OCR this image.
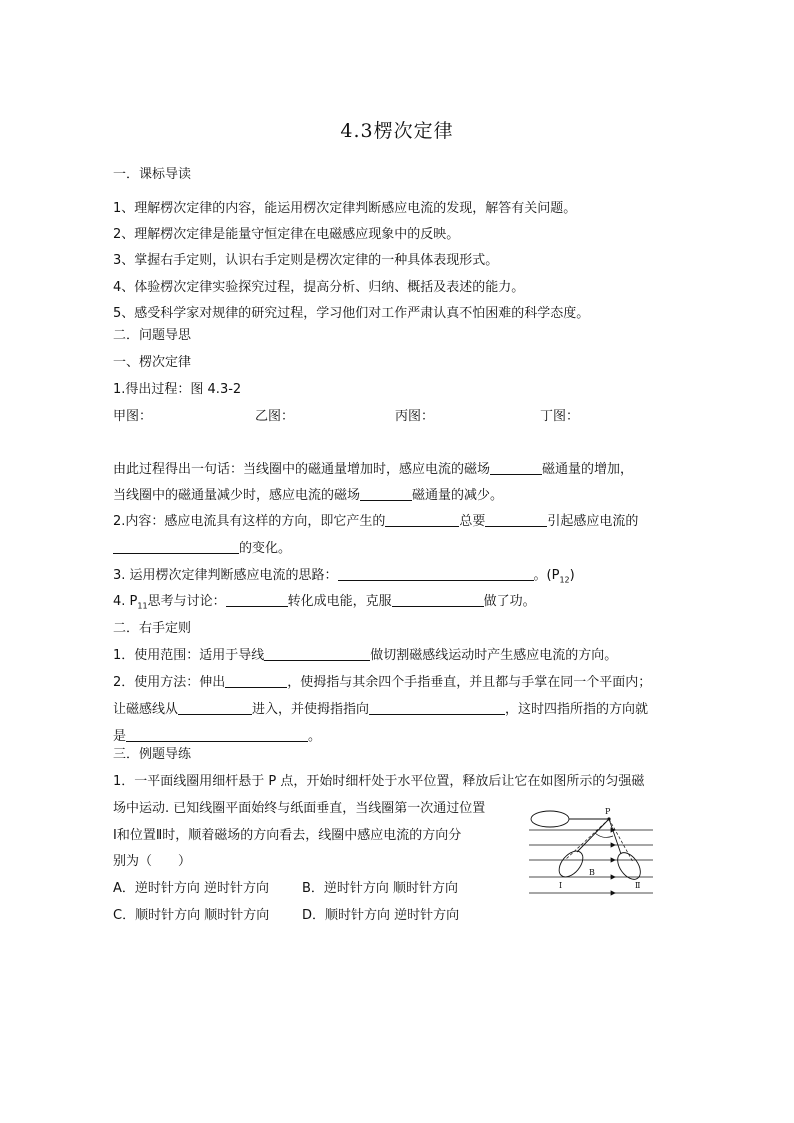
4.3楞次定律
一．课标导读
1、理解楞次定律的内容，能运用楞次定律判断感应电流的发现，解答有关问题。
2、理解楞次定律是能量守恒定律在电磁感应现象中的反映。
3、掌握右手定则，认识右手定则是楞次定律的一种具体表现形式。
4、体验楞次定律实验探究过程，提高分析、归纳、概括及表述的能力。
5、感受科学家对规律的研究过程，学习他们对工作严肃认真不怕困难的科学态度。
二．问题导思
一、楞次定律
1.得出过程：图 4.3-2
甲图：	乙图：	丙图：	丁图：
由此过程得出一句话：当线圈中的磁通量增加时，感应电流的磁场	磁通量的增加，
当线圈中的磁通量减少时，感应电流的磁场	磁通量的减少。
2.内容：感应电流具有这样的方向，即它产生的	总要	引起感应电流的
的变化。
3. 运用楞次定律判断感应电流的思路：	。$(P_{12})$
4. $P_{11}$思考与讨论：	转化成电能，克服	做了功。
二．右手定则
1．使用范围：适用于导线	做切割磁感线运动时产生感应电流的方向。
2．使用方法：伸出	，使拇指与其余四个手指垂直，并且都与手掌在同一个平面内；
让磁感线从	进入，并使拇指指向	，这时四指所指的方向就
是	。
三．例题导练
1．一平面线圈用细杆悬于 P 点，开始时细杆处于水平位置，释放后让它在如图所示的匀强磁
场中运动. 已知线圈平面始终与纸面垂直，当线圈第一次通过位置
Ⅰ和位置Ⅱ时，顺着磁场的方向看去，线圈中感应电流的方向分
别为（　　）
A．逆时针方向 逆时针方向	B．逆时针方向 顺时针方向
C．顺时针方向 顺时针方向	D．顺时针方向 逆时针方向
P
B
Ⅰ	Ⅱ
